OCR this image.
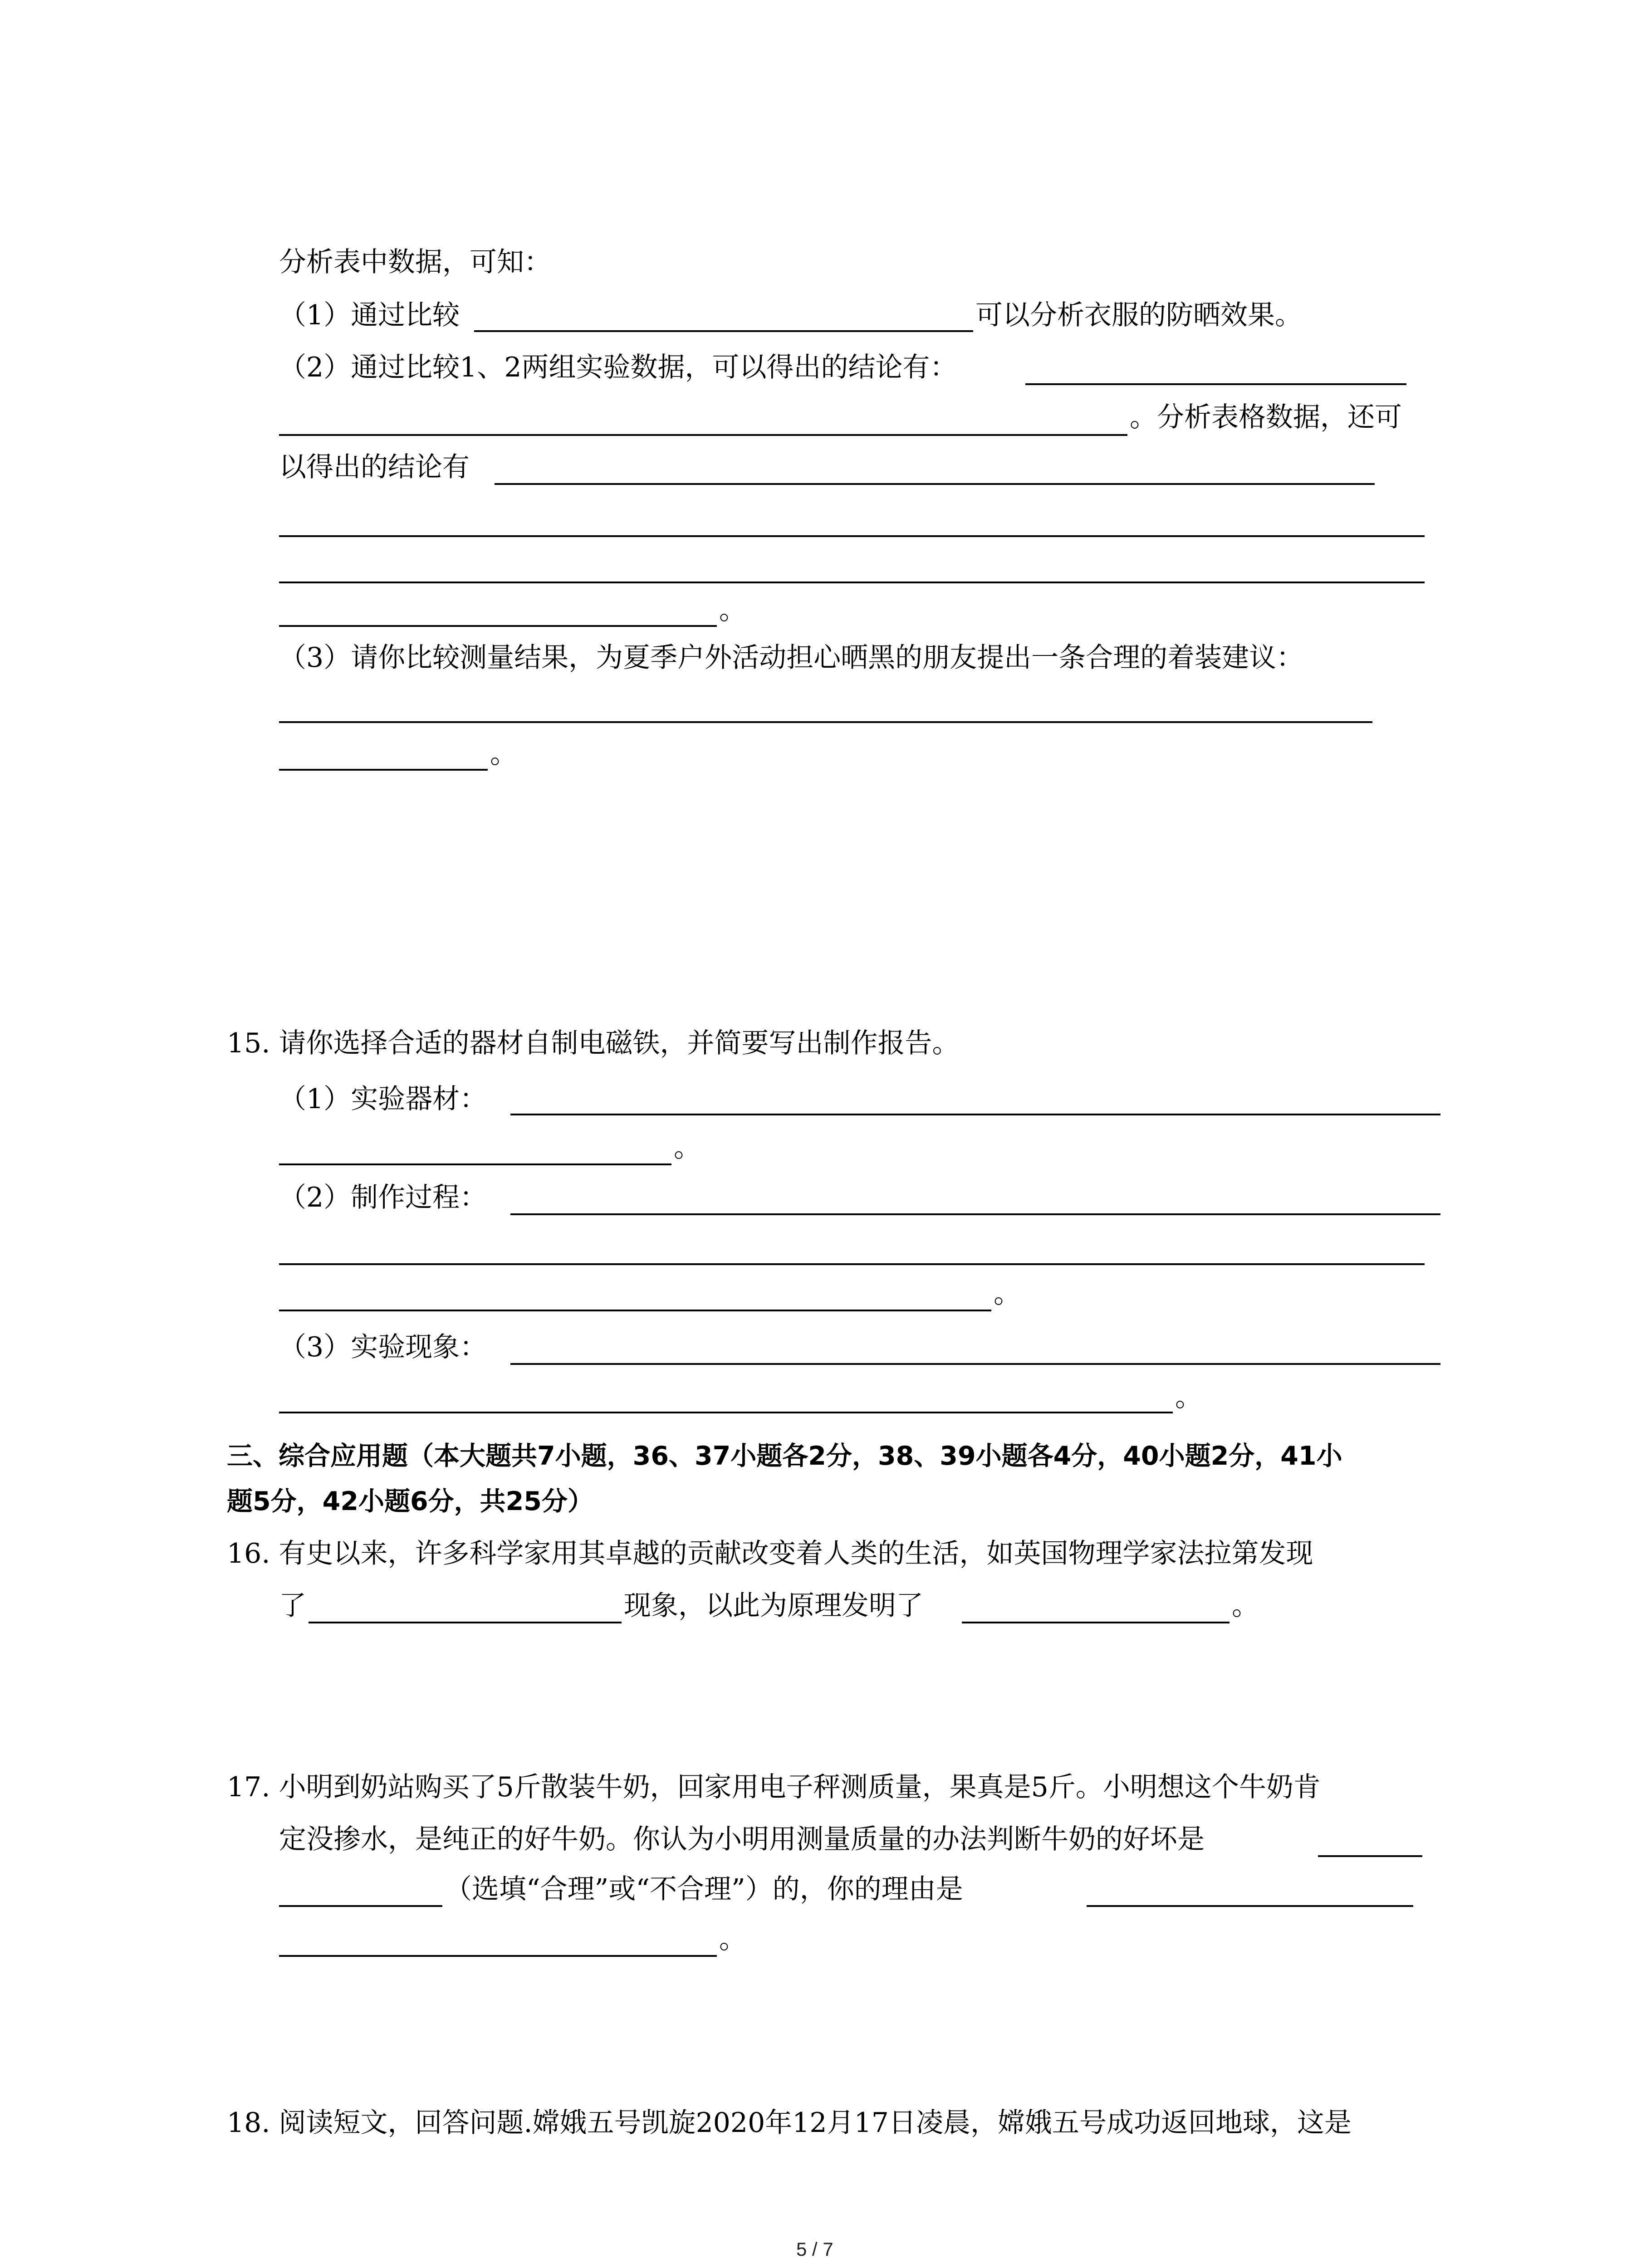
分析表中数据，可知：
（1）通过比较	可以分析衣服的防晒效果。
（2）通过比较1、2两组实验数据，可以得出的结论有：
。分析表格数据，还可
以得出的结论有
。
（3）请你比较测量结果，为夏季户外活动担心晒黑的朋友提出一条合理的着装建议：
。
15. 请你选择合适的器材自制电磁铁，并简要写出制作报告。
（1）实验器材：
。
（2）制作过程：
。
（3）实验现象：
。
三、综合应用题（本大题共7小题，36、37小题各2分，38、39小题各4分，40小题2分，41小
题5分，42小题6分，共25分）
16. 有史以来，许多科学家用其卓越的贡献改变着人类的生活，如英国物理学家法拉第发现
了	现象，以此为原理发明了	。
17. 小明到奶站购买了5斤散装牛奶，回家用电子秤测质量，果真是5斤。小明想这个牛奶肯
定没掺水，是纯正的好牛奶。你认为小明用测量质量的办法判断牛奶的好坏是
（选填“合理”或“不合理”）的，你的理由是
。
18. 阅读短文，回答问题.嫦娥五号凯旋2020年12月17日凌晨，嫦娥五号成功返回地球，这是
5 / 7
